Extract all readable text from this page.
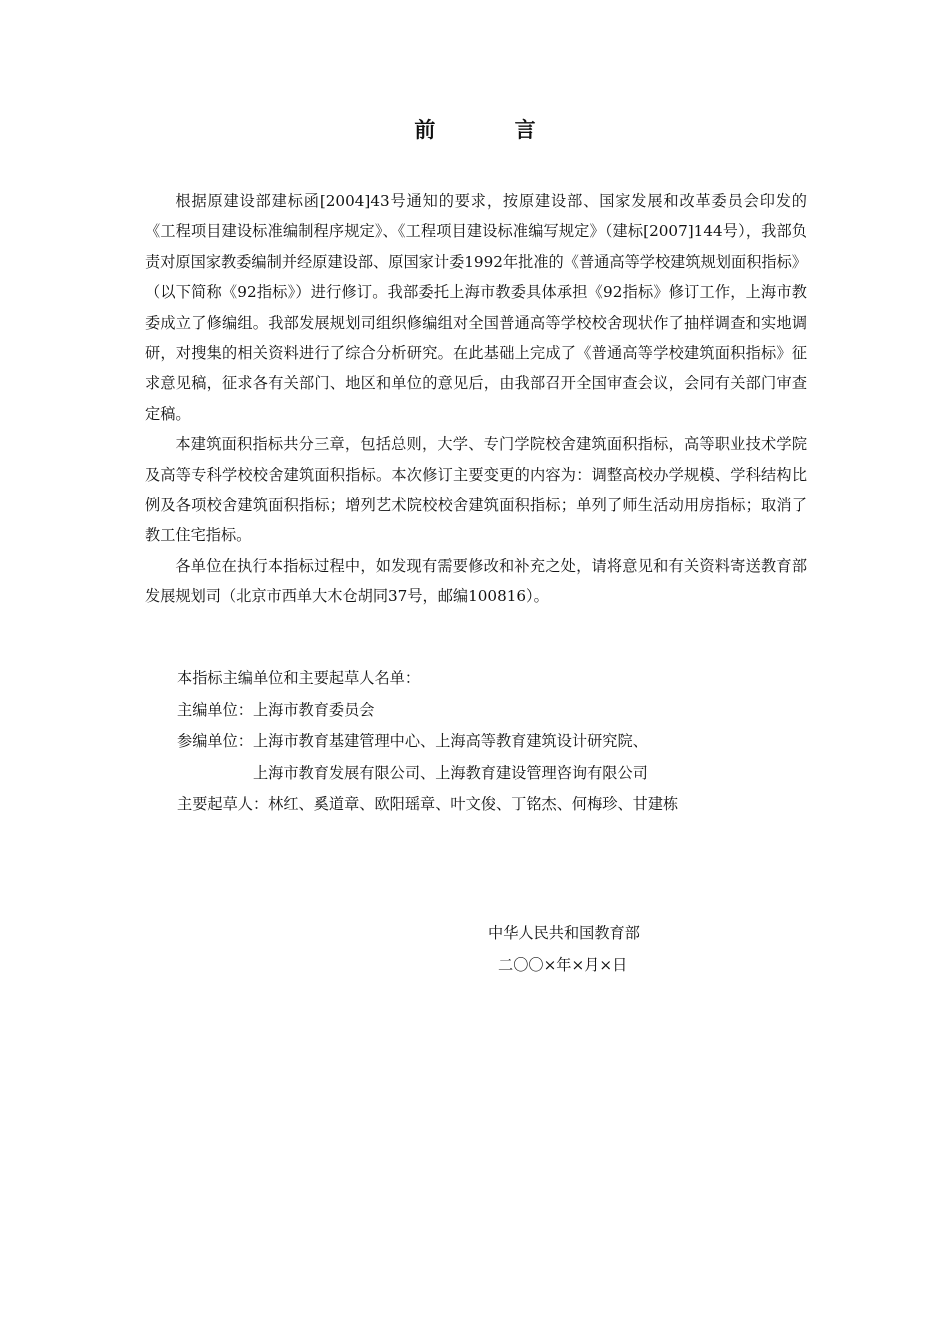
前 言

根据原建设部建标函[2004]43号通知的要求，按原建设部、国家发展和改革委员会印发的《工程项目建设标准编制程序规定》、《工程项目建设标准编写规定》（建标[2007]144号），我部负责对原国家教委编制并经原建设部、原国家计委1992年批准的《普通高等学校建筑规划面积指标》（以下简称《92指标》）进行修订。我部委托上海市教委具体承担《92指标》修订工作，上海市教委成立了修编组。我部发展规划司组织修编组对全国普通高等学校校舍现状作了抽样调查和实地调研，对搜集的相关资料进行了综合分析研究。在此基础上完成了《普通高等学校建筑面积指标》征求意见稿，征求各有关部门、地区和单位的意见后，由我部召开全国审查会议，会同有关部门审查定稿。

本建筑面积指标共分三章，包括总则，大学、专门学院校舍建筑面积指标，高等职业技术学院及高等专科学校校舍建筑面积指标。本次修订主要变更的内容为：调整高校办学规模、学科结构比例及各项校舍建筑面积指标；增列艺术院校校舍建筑面积指标；单列了师生活动用房指标；取消了教工住宅指标。

各单位在执行本指标过程中，如发现有需要修改和补充之处，请将意见和有关资料寄送教育部发展规划司（北京市西单大木仓胡同37号，邮编100816）。

本指标主编单位和主要起草人名单：
主编单位： 上海市教育委员会
参编单位： 上海市教育基建管理中心、上海高等教育建筑设计研究院、
上海市教育发展有限公司、上海教育建设管理咨询有限公司
主要起草人： 林红、奚道章、欧阳瑶章、叶文俊、丁铭杰、何梅珍、甘建栋
中华人民共和国教育部
二〇〇×年×月×日
